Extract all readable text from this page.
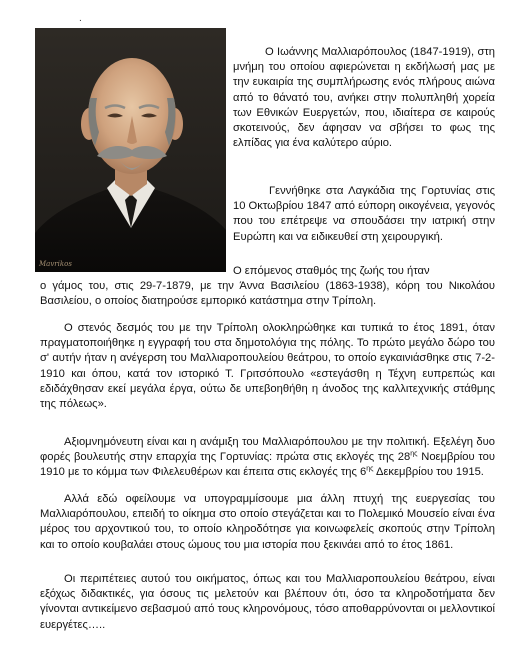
.
Mavrikos

Ο Ιωάννης Μαλλιαρόπουλος (1847-1919), στη μνήμη του οποίου αφιερώνεται η εκδήλωσή μας με την ευκαιρία της συμπλήρωσης ενός πλήρους αιώνα από το θάνατό του, ανήκει στην πολυπληθή χορεία των Εθνικών Ευεργετών, που, ιδιαίτερα σε καιρούς σκοτεινούς, δεν άφησαν να σβήσει το φως της ελπίδας για ένα καλύτερο αύριο.

Γεννήθηκε στα Λαγκάδια της Γορτυνίας στις 10 Οκτωβρίου 1847 από εύπορη οικογένεια, γεγονός που του επέτρεψε να σπουδάσει την ιατρική στην Ευρώπη και να ειδικευθεί στη χειρουργική.

Ο επόμενος σταθμός της ζωής του ήταν
ο γάμος του, στις 29-7-1879, με την Άννα Βασιλείου (1863-1938), κόρη του Νικολάου Βασιλείου, ο οποίος διατηρούσε εμπορικό κατάστημα στην Τρίπολη.

Ο στενός δεσμός του με την Τρίπολη ολοκληρώθηκε και τυπικά το έτος 1891, όταν πραγματοποιήθηκε η εγγραφή του στα δημοτολόγια της πόλης. Το πρώτο μεγάλο δώρο του σ' αυτήν ήταν η ανέγερση του Μαλλιαρoπουλείου θεάτρου, το οποίο εγκαινιάσθηκε στις 7-2-1910 και όπου, κατά τον ιστορικό Τ. Γριτσόπουλο «εστεγάσθη η Τέχνη ευπρεπώς και εδιδάχθησαν εκεί μεγάλα έργα, ούτω δε υπεβοηθήθη η άνοδος της καλλιτεχνικής στάθμης της πόλεως».

Αξιομνημόνευτη είναι και η ανάμιξη του Μαλλιαρόπουλου με την πολιτική. Εξελέγη δυο φορές βουλευτής στην επαρχία της Γορτυνίας: πρώτα στις εκλογές της $28^{\eta\varsigma}$ Νοεμβρίου του 1910 με το κόμμα των Φιλελευθέρων και έπειτα στις εκλογές της $6^{\eta\varsigma}$ Δεκεμβρίου του 1915.

Αλλά εδώ οφείλουμε να υπογραμμίσουμε μια άλλη πτυχή της ευεργεσίας του Μαλλιαρόπουλου, επειδή το οίκημα στο οποίο στεγάζεται και το Πολεμικό Μουσείο είναι ένα μέρος του αρχοντικού του, το οποίο κληροδότησε για κοινωφελείς σκοπούς στην Τρίπολη και το οποίο κουβαλάει στους ώμους του μια ιστορία που ξεκινάει από το έτος 1861.

Οι περιπέτειες αυτού του οικήματος, όπως και του Μαλλιαροπουλείου θεάτρου, είναι εξόχως διδακτικές, για όσους τις μελετούν και βλέπουν ότι, όσο τα κληροδοτήματα δεν γίνονται αντικείμενο σεβασμού από τους κληρονόμους, τόσο αποθαρρύνονται οι μελλοντικοί ευεργέτες…..
